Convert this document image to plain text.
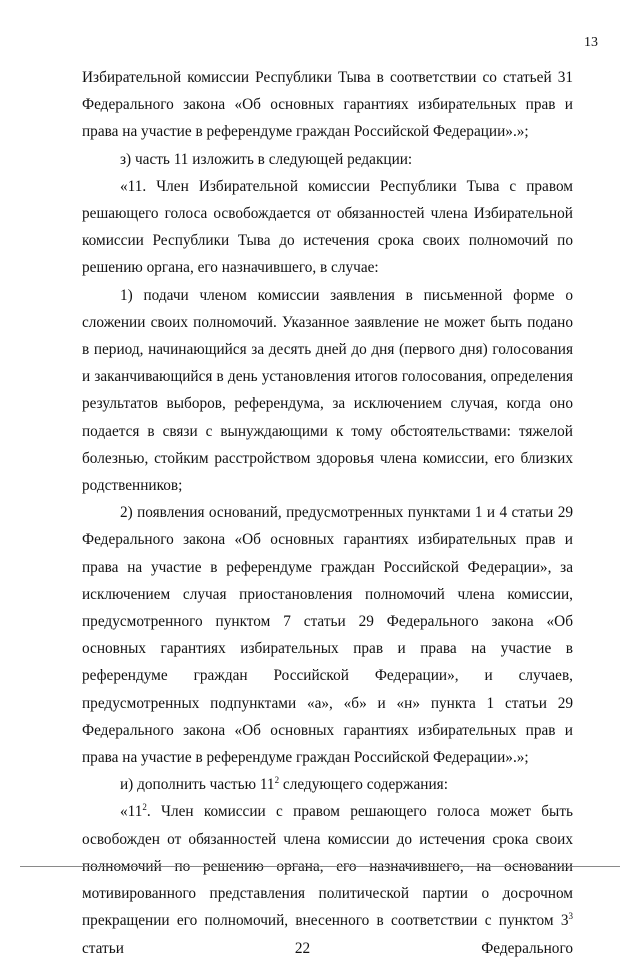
13

Избирательной комиссии Республики Тыва в соответствии со статьей 31 Федерального закона «Об основных гарантиях избирательных прав и права на участие в референдуме граждан Российской Федерации».»;

з) часть 11 изложить в следующей редакции:

«11. Член Избирательной комиссии Республики Тыва с правом решающего голоса освобождается от обязанностей члена Избирательной комиссии Республики Тыва до истечения срока своих полномочий по решению органа, его назначившего, в случае:

1) подачи членом комиссии заявления в письменной форме о сложении своих полномочий. Указанное заявление не может быть подано в период, начинающийся за десять дней до дня (первого дня) голосования и заканчивающийся в день установления итогов голосования, определения результатов выборов, референдума, за исключением случая, когда оно подается в связи с вынуждающими к тому обстоятельствами: тяжелой болезнью, стойким расстройством здоровья члена комиссии, его близких родственников;

2) появления оснований, предусмотренных пунктами 1 и 4 статьи 29 Федерального закона «Об основных гарантиях избирательных прав и права на участие в референдуме граждан Российской Федерации», за исключением случая приостановления полномочий члена комиссии, предусмотренного пунктом 7 статьи 29 Федерального закона «Об основных гарантиях избирательных прав и права на участие в референдуме граждан Российской Федерации», и случаев, предусмотренных подпунктами «а», «б» и «н» пункта 1 статьи 29 Федерального закона «Об основных гарантиях избирательных прав и права на участие в референдуме граждан Российской Федерации».»;

и) дополнить частью $11^2$ следующего содержания:

«$11^2$. Член комиссии с правом решающего голоса может быть освобожден от обязанностей члена комиссии до истечения срока своих полномочий по решению органа, его назначившего, на основании мотивированного представления политической партии о досрочном прекращении его полномочий, внесенного в соответствии с пунктом $3^3$ статьи 22 Федерального
